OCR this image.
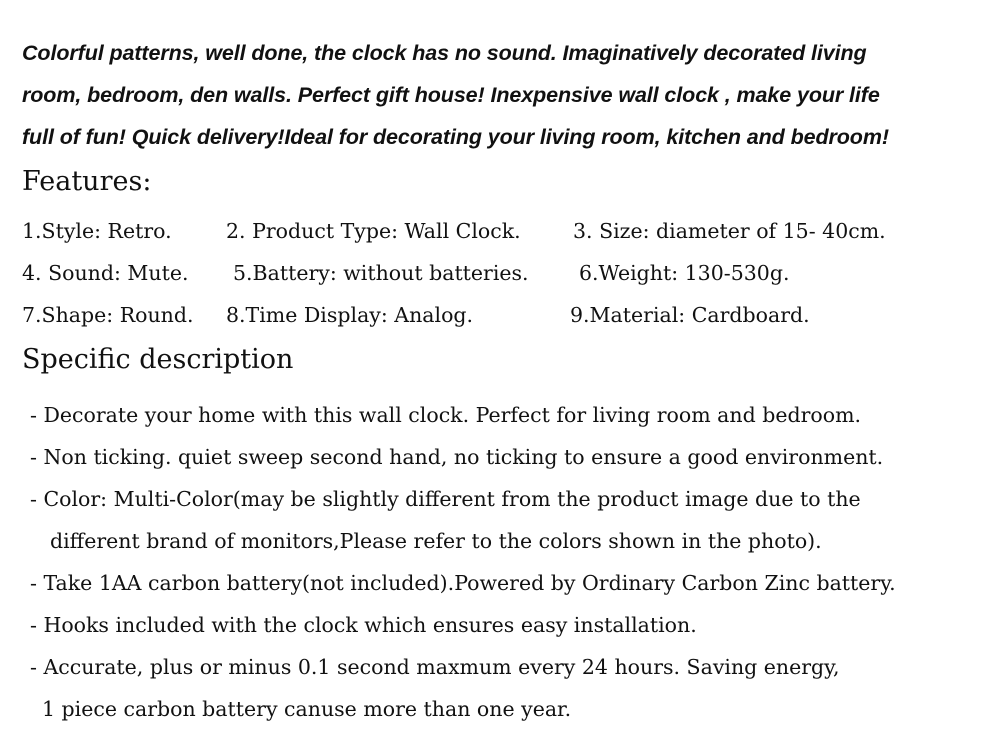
Colorful patterns, well done, the clock has no sound. Imaginatively decorated living
room, bedroom, den walls. Perfect gift house! Inexpensive wall clock , make your life
full of fun! Quick delivery!Ideal for decorating your living room, kitchen and bedroom!
Features:
1.Style: Retro.	2. Product Type: Wall Clock.	3. Size: diameter of 15- 40cm.
4. Sound: Mute. 5.Battery: without batteries. 6.Weight: 130-530g.
7.Shape: Round. 8.Time Display: Analog.	9.Material: Cardboard.
Specific description
- Decorate your home with this wall clock. Perfect for living room and bedroom.
- Non ticking. quiet sweep second hand, no ticking to ensure a good environment.
- Color: Multi-Color(may be slightly different from the product image due to the
different brand of monitors,Please refer to the colors shown in the photo).
- Take 1AA carbon battery(not included).Powered by Ordinary Carbon Zinc battery.
- Hooks included with the clock which ensures easy installation.
- Accurate, plus or minus 0.1 second maxmum every 24 hours. Saving energy,
1 piece carbon battery canuse more than one year.
